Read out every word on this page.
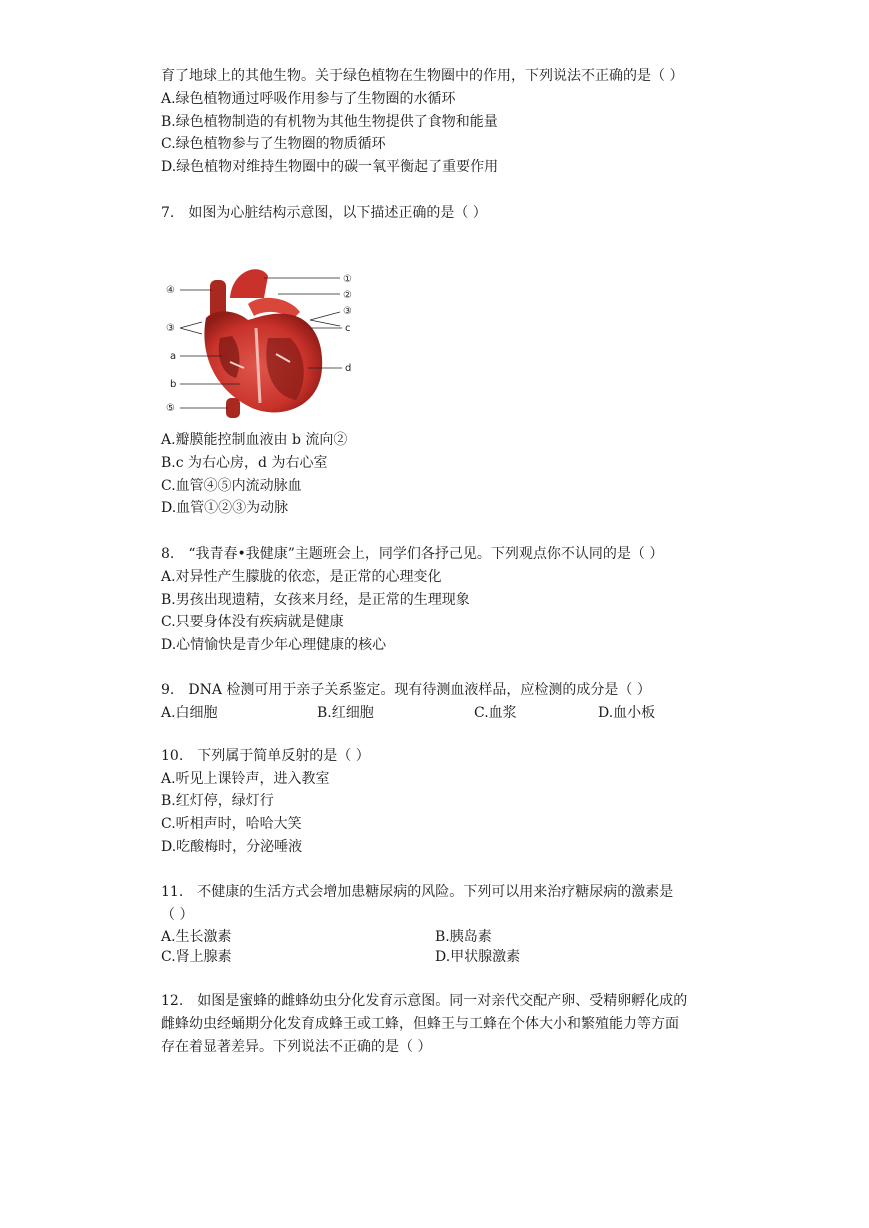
育了地球上的其他生物。关于绿色植物在生物圈中的作用，下列说法不正确的是（ ）
A.绿色植物通过呼吸作用参与了生物圈的水循环
B.绿色植物制造的有机物为其他生物提供了食物和能量
C.绿色植物参与了生物圈的物质循环
D.绿色植物对维持生物圈中的碳一氧平衡起了重要作用
7.　如图为心脏结构示意图，以下描述正确的是（ ）
①
②
③
c
d
④
③
a
b
⑤
A.瓣膜能控制血液由 b 流向②
B.c 为右心房，d 为右心室
C.血管④⑤内流动脉血
D.血管①②③为动脉
8.　“我青春•我健康”主题班会上，同学们各抒己见。下列观点你不认同的是（ ）
A.对异性产生朦胧的依恋，是正常的心理变化
B.男孩出现遗精，女孩来月经，是正常的生理现象
C.只要身体没有疾病就是健康
D.心情愉快是青少年心理健康的核心
9.　DNA 检测可用于亲子关系鉴定。现有待测血液样品，应检测的成分是（ ）
A.白细胞	B.红细胞	C.血浆	D.血小板
10.　下列属于简单反射的是（ ）
A.听见上课铃声，进入教室
B.红灯停，绿灯行
C.听相声时，哈哈大笑
D.吃酸梅时，分泌唾液
11.　不健康的生活方式会增加患糖尿病的风险。下列可以用来治疗糖尿病的激素是
（ ）
A.生长激素	B.胰岛素
C.肾上腺素	D.甲状腺激素
12.　如图是蜜蜂的雌蜂幼虫分化发育示意图。同一对亲代交配产卵、受精卵孵化成的
雌蜂幼虫经蛹期分化发育成蜂王或工蜂，但蜂王与工蜂在个体大小和繁殖能力等方面
存在着显著差异。下列说法不正确的是（ ）
